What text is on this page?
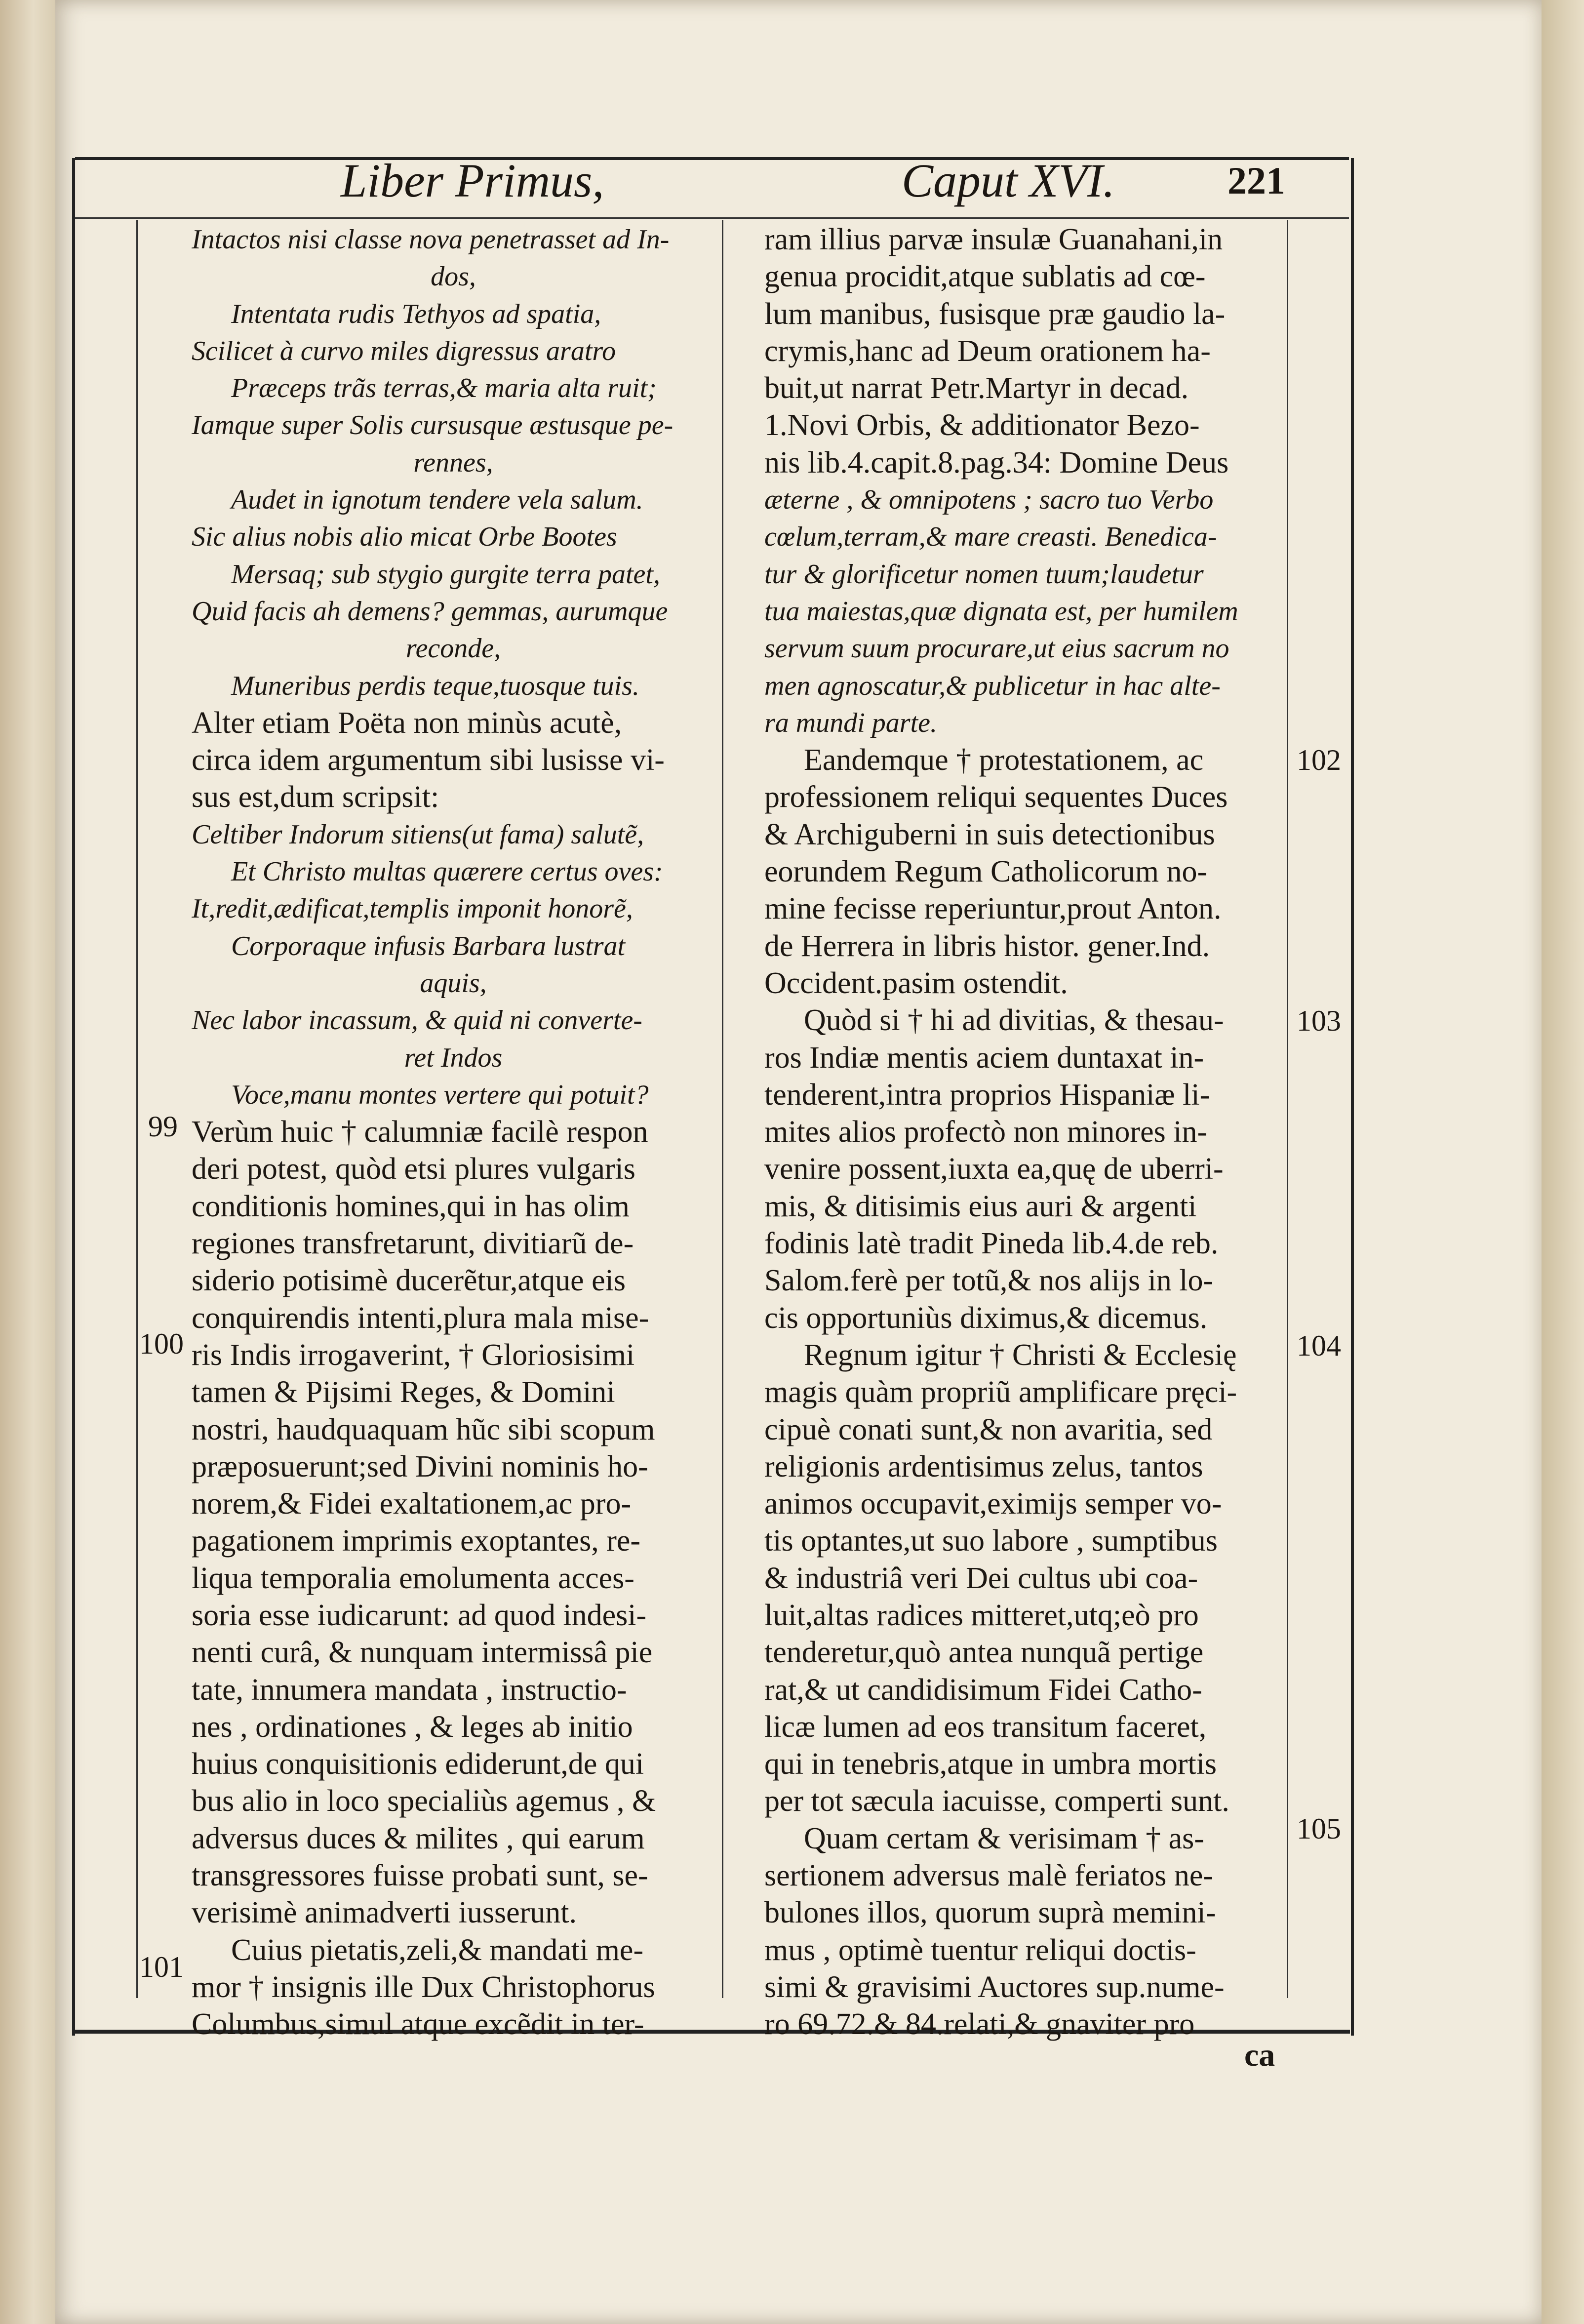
Liber Primus,	Caput XVI.	221
Intactos nisi classe nova penetrasset ad In-
dos,
Intentata rudis Tethyos ad spatia,
Scilicet à curvo miles digressus aratro
Præceps trãs terras,& maria alta ruit;
Iamque super Solis cursusque æstusque pe-
rennes,
Audet in ignotum tendere vela salum.
Sic alius nobis alio micat Orbe Bootes
Mersaq; sub stygio gurgite terra patet,
Quid facis ah demens? gemmas, aurumque
reconde,
Muneribus perdis teque,tuosque tuis.
Alter etiam Poëta non minùs acutè,
circa idem argumentum sibi lusisse vi-
sus est,dum scripsit:
Celtiber Indorum sitiens(ut fama) salutẽ,
Et Christo multas quærere certus oves:
It,redit,ædificat,templis imponit honorẽ,
Corporaque infusis Barbara lustrat
aquis,
Nec labor incassum, & quid ni converte-
ret Indos
Voce,manu montes vertere qui potuit?
Verùm huic † calumniæ facilè respon
deri potest, quòd etsi plures vulgaris
conditionis homines,qui in has olim
regiones transfretarunt, divitiarũ de-
siderio potisimè ducerẽtur,atque eis
conquirendis intenti,plura mala mise-
ris Indis irrogaverint, † Gloriosisimi
tamen & Pijsimi Reges, & Domini
nostri, haudquaquam hũc sibi scopum
præposuerunt;sed Divini nominis ho-
norem,& Fidei exaltationem,ac pro-
pagationem imprimis exoptantes, re-
liqua temporalia emolumenta acces-
soria esse iudicarunt: ad quod indesi-
nenti curâ, & nunquam intermissâ pie
tate, innumera mandata , instructio-
nes , ordinationes , & leges ab initio
huius conquisitionis ediderunt,de qui
bus alio in loco specialiùs agemus , &
adversus duces & milites , qui earum
transgressores fuisse probati sunt, se-
verisimè animadverti iusserunt.
Cuius pietatis,zeli,& mandati me-
mor † insignis ille Dux Christophorus
Columbus,simul atque excẽdit in ter-
ram illius parvæ insulæ Guanahani,in
genua procidit,atque sublatis ad cœ-
lum manibus, fusisque præ gaudio la-
crymis,hanc ad Deum orationem ha-
buit,ut narrat Petr.Martyr in decad.
1.Novi Orbis, & additionator Bezo-
nis lib.4.capit.8.pag.34: Domine Deus
æterne , & omnipotens ; sacro tuo Verbo
cœlum,terram,& mare creasti. Benedica-
tur & glorificetur nomen tuum;laudetur
tua maiestas,quæ dignata est, per humilem
servum suum procurare,ut eius sacrum no
men agnoscatur,& publicetur in hac alte-
ra mundi parte.
Eandemque † protestationem, ac
professionem reliqui sequentes Duces
& Archiguberni in suis detectionibus
eorundem Regum Catholicorum no-
mine fecisse reperiuntur,prout Anton.
de Herrera in libris histor. gener.Ind.
Occident.pasim ostendit.
Quòd si † hi ad divitias, & thesau-
ros Indiæ mentis aciem duntaxat in-
tenderent,intra proprios Hispaniæ li-
mites alios profectò non minores in-
venire possent,iuxta ea,quę de uberri-
mis, & ditisimis eius auri & argenti
fodinis latè tradit Pineda lib.4.de reb.
Salom.ferè per totũ,& nos alijs in lo-
cis opportuniùs diximus,& dicemus.
Regnum igitur † Christi & Ecclesię
magis quàm propriũ amplificare pręci-
cipuè conati sunt,& non avaritia, sed
religionis ardentisimus zelus, tantos
animos occupavit,eximijs semper vo-
tis optantes,ut suo labore , sumptibus
& industriâ veri Dei cultus ubi coa-
luit,altas radices mitteret,utq;eò pro
tenderetur,quò antea nunquã pertige
rat,& ut candidisimum Fidei Catho-
licæ lumen ad eos transitum faceret,
qui in tenebris,atque in umbra mortis
per tot sæcula iacuisse, comperti sunt.
Quam certam & verisimam † as-
sertionem adversus malè feriatos ne-
bulones illos, quorum suprà memini-
mus , optimè tuentur reliqui doctis-
simi & gravisimi Auctores sup.nume-
ro 69.72.& 84.relati,& gnaviter pro
99
100
101
102
103
104
105
ca
